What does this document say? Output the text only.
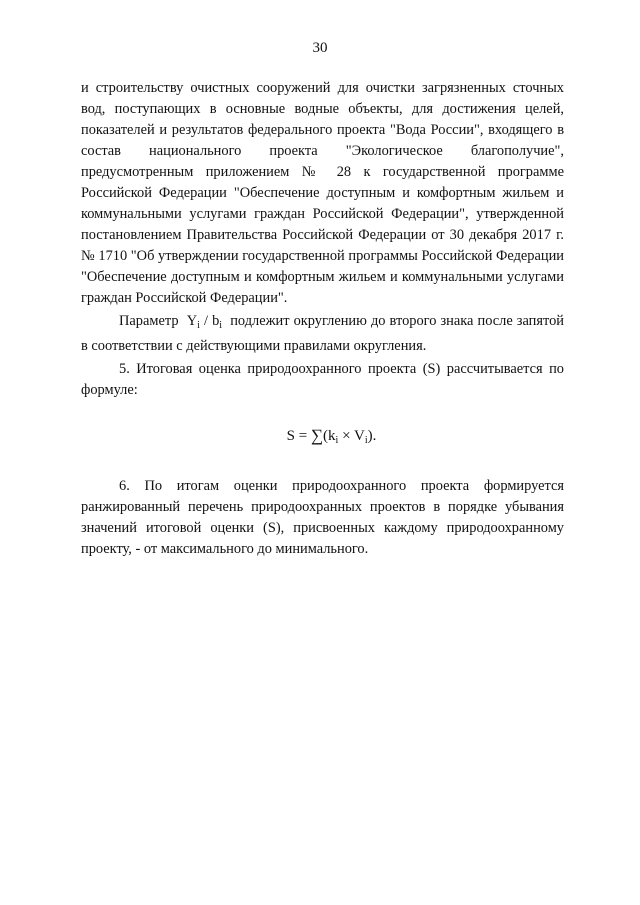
30

и строительству очистных сооружений для очистки загрязненных сточных вод, поступающих в основные водные объекты, для достижения целей, показателей и результатов федерального проекта "Вода России", входящего в состав национального проекта "Экологическое благополучие", предусмотренным приложением № 28 к государственной программе Российской Федерации "Обеспечение доступным и комфортным жильем и коммунальными услугами граждан Российской Федерации", утвержденной постановлением Правительства Российской Федерации от 30 декабря 2017 г. № 1710 "Об утверждении государственной программы Российской Федерации "Обеспечение доступным и комфортным жильем и коммунальными услугами граждан Российской Федерации".

Параметр $Y_i / b_i$ подлежит округлению до второго знака после запятой в соответствии с действующими правилами округления.

5. Итоговая оценка природоохранного проекта (S) рассчитывается по формуле:

$S = \sum(k_i \times V_i)$.

6. По итогам оценки природоохранного проекта формируется ранжированный перечень природоохранных проектов в порядке убывания значений итоговой оценки (S), присвоенных каждому природоохранному проекту, - от максимального до минимального.
